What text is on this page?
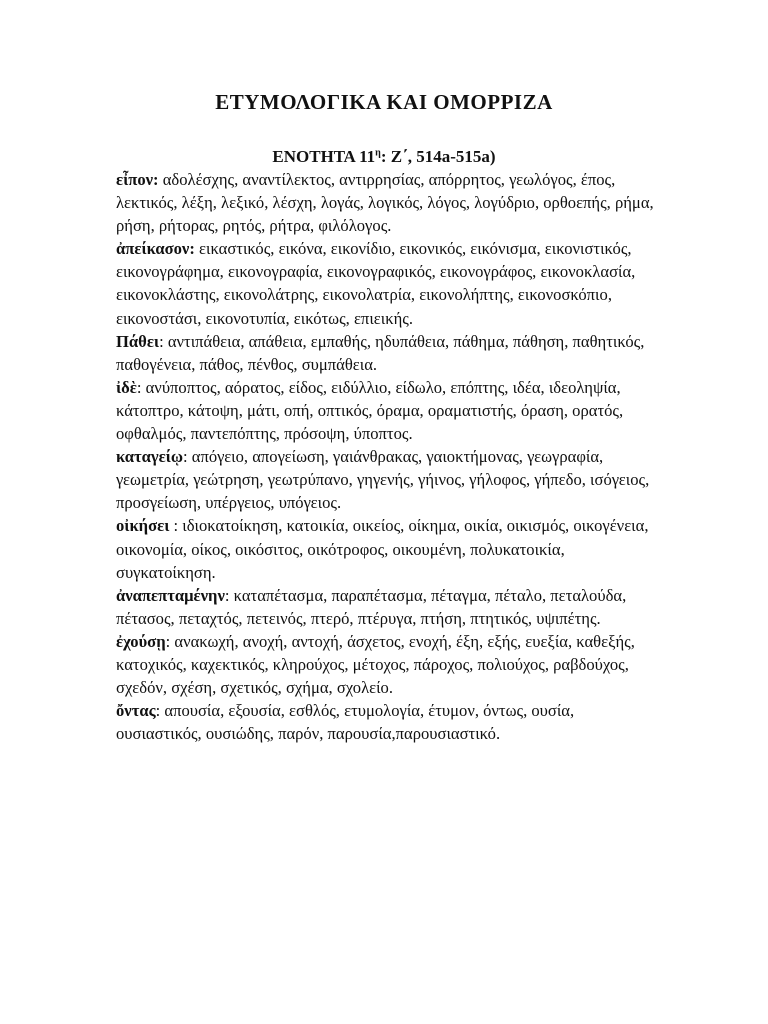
ΕΤΥΜΟΛΟΓΙΚΑ ΚΑΙ ΟΜΟΡΡΙΖΑ

ΕΝΟΤΗΤΑ $11^\eta$: Ζ΄, 514a-515a)

εἶπον: αδολέσχης, αναντίλεκτος, αντιρρησίας, απόρρητος, γεωλόγος, έπος, λεκτικός, λέξη, λεξικό, λέσχη, λογάς, λογικός, λόγος, λογύδριο, ορθοεπής, ρήμα, ρήση, ρήτορας, ρητός, ρήτρα, φιλόλογος.

ἀπείκασον: εικαστικός, εικόνα, εικονίδιο, εικονικός, εικόνισμα, εικονιστικός, εικονογράφημα, εικονογραφία, εικονογραφικός, εικονογράφος, εικονοκλασία, εικονοκλάστης, εικονολάτρης, εικονολατρία, εικονολήπτης, εικονοσκόπιο, εικονοστάσι, εικονοτυπία, εικότως, επιεικής.

Πάθει: αντιπάθεια, απάθεια, εμπαθής, ηδυπάθεια, πάθημα, πάθηση, παθητικός, παθογένεια, πάθος, πένθος, συμπάθεια.

ἰδὲ: ανύποπτος, αόρατος, είδος, ειδύλλιο, είδωλο, επόπτης, ιδέα, ιδεοληψία, κάτοπτρο, κάτοψη, μάτι, οπή, οπτικός, όραμα, οραματιστής, όραση, ορατός, οφθαλμός, παντεπόπτης, πρόσοψη, ύποπτος.

καταγείῳ: απόγειο, απογείωση, γαιάνθρακας, γαιοκτήμονας, γεωγραφία, γεωμετρία, γεώτρηση, γεωτρύπανο, γηγενής, γήινος, γήλοφος, γήπεδο, ισόγειος, προσγείωση, υπέργειος, υπόγειος.

οἰκήσει : ιδιοκατοίκηση, κατοικία, οικείος, οίκημα, οικία, οικισμός, οικογένεια, οικονομία, οίκος, οικόσιτος, οικότροφος, οικουμένη, πολυκατοικία, συγκατοίκηση.

ἀναπεπταμένην: καταπέτασμα, παραπέτασμα, πέταγμα, πέταλο, πεταλούδα, πέτασος, πεταχτός, πετεινός, πτερό, πτέρυγα, πτήση, πτητικός, υψιπέτης.

ἐχούσῃ: ανακωχή, ανοχή, αντοχή, άσχετος, ενοχή, έξη, εξής, ευεξία, καθεξής, κατοχικός, καχεκτικός, κληρούχος, μέτοχος, πάροχος, πολιούχος, ραβδούχος, σχεδόν, σχέση, σχετικός, σχήμα, σχολείο.

ὄντας: απουσία, εξουσία, εσθλός, ετυμολογία, έτυμον, όντως, ουσία, ουσιαστικός, ουσιώδης, παρόν, παρουσία,παρουσιαστικό.
